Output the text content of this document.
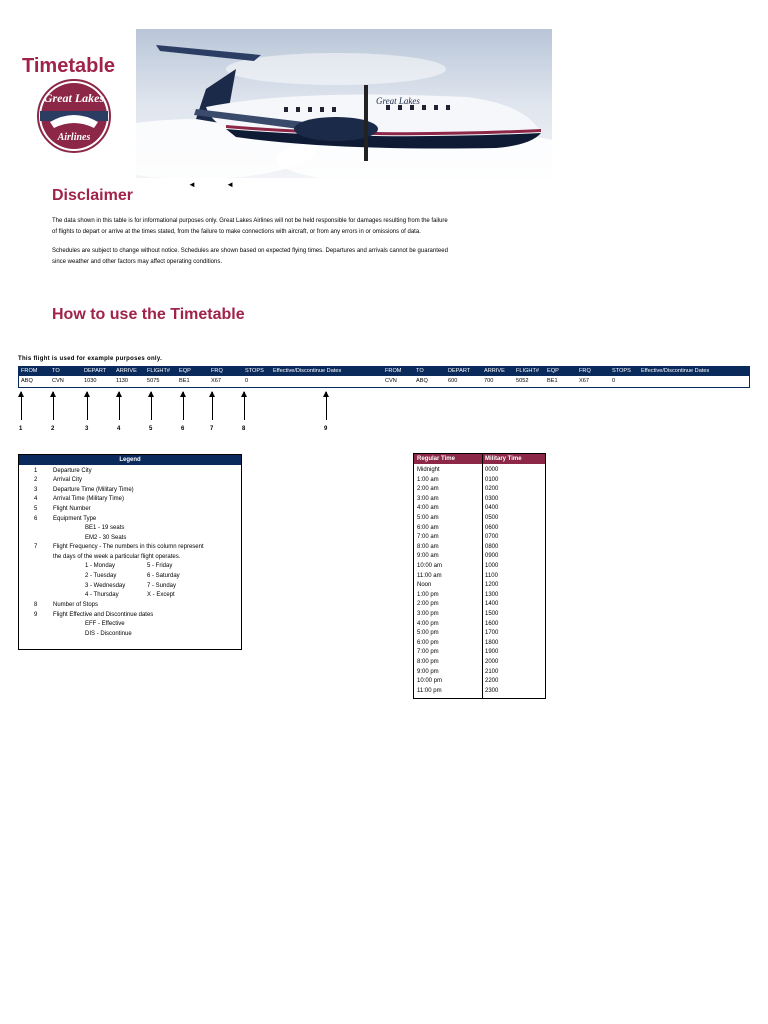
Timetable
Great Lakes
Airlines
Great Lakes
Disclaimer
◄ ◄
The data shown in this table is for informational purposes only. Great Lakes Airlines will not be held responsible for damages resulting from the failure
of flights to depart or arrive at the times stated, from the failure to make connections with aircraft, or from any errors in or omissions of data.
Schedules are subject to change without notice. Schedules are shown based on expected flying times. Departures and arrivals cannot be guaranteed
since weather and other factors may affect operating conditions.
How to use the Timetable
This flight is used for example purposes only.
FROM	TO	DEPART ARRIVE FLIGHT# EQP	FRQ	STOPS Effective/Discontinue Dates	FROM	TO	DEPART ARRIVE FLIGHT# EQP	FRQ	STOPS Effective/Discontinue Dates
ABQ	CVN	1030	1130	5075	BE1	X67	0	CVN	ABQ	600	700	5052	BE1	X67	0
1	2	3	4	5	6	7	8	9
Legend
1	Departure City
2	Arrival City
3	Departure Time (Military Time)
4	Arrival Time (Military Time)
5	Flight Number
6	Equipment Type
BE1 - 19 seats
EM2 - 30 Seats
7	Flight Frequency - The numbers in this column represent
the days of the week a particular flight operates.
1 - Monday	5 - Friday
2 - Tuesday	6 - Saturday
3 - Wednesday	7 - Sunday
4 - Thursday	X - Except
8	Number of Stops
9	Flight Effective and Discontinue dates
EFF - Effective
DIS - Discontinue
Regular Time	Military Time
Midnight	0000
1:00 am	0100
2:00 am	0200
3:00 am	0300
4:00 am	0400
5:00 am	0500
6:00 am	0600
7:00 am	0700
8:00 am	0800
9:00 am	0900
10:00 am	1000
11:00 am	1100
Noon	1200
1:00 pm	1300
2:00 pm	1400
3:00 pm	1500
4:00 pm	1600
5:00 pm	1700
6:00 pm	1800
7:00 pm	1900
8:00 pm	2000
9:00 pm	2100
10:00 pm	2200
11:00 pm	2300
